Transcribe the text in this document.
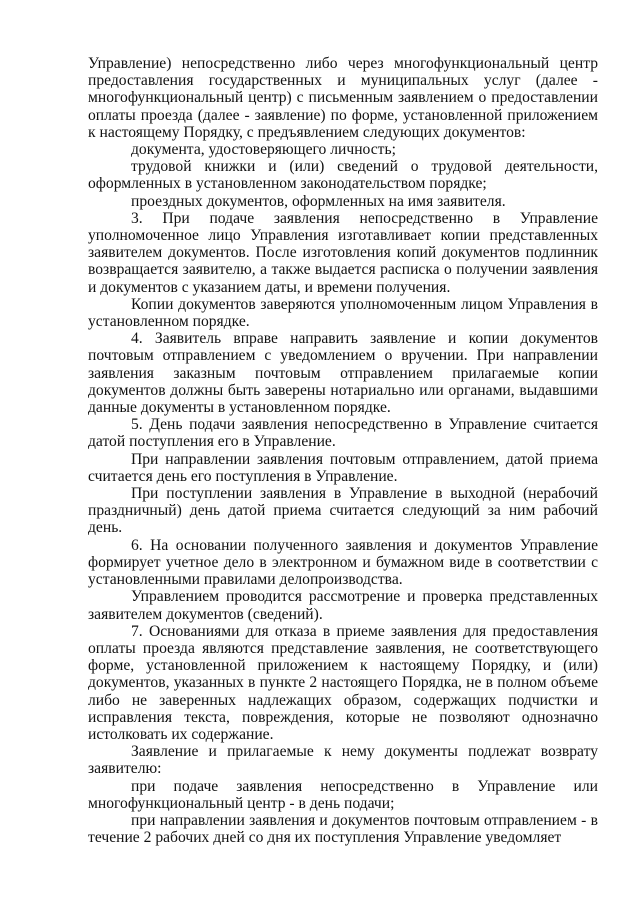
Управление) непосредственно либо через многофункциональный центр предоставления государственных и муниципальных услуг (далее - многофункциональный центр) с письменным заявлением о предоставлении оплаты проезда (далее - заявление) по форме, установленной приложением к настоящему Порядку, с предъявлением следующих документов:

документа, удостоверяющего личность;

трудовой книжки и (или) сведений о трудовой деятельности, оформленных в установленном законодательством порядке;

проездных документов, оформленных на имя заявителя.

3. При подаче заявления непосредственно в Управление уполномоченное лицо Управления изготавливает копии представленных заявителем документов. После изготовления копий документов подлинник возвращается заявителю, а также выдается расписка о получении заявления и документов с указанием даты, и времени получения.

Копии документов заверяются уполномоченным лицом Управления в установленном порядке.

4. Заявитель вправе направить заявление и копии документов почтовым отправлением с уведомлением о вручении. При направлении заявления заказным почтовым отправлением прилагаемые копии документов должны быть заверены нотариально или органами, выдавшими данные документы в установленном порядке.

5. День подачи заявления непосредственно в Управление считается датой поступления его в Управление.

При направлении заявления почтовым отправлением, датой приема считается день его поступления в Управление.

При поступлении заявления в Управление в выходной (нерабочий праздничный) день датой приема считается следующий за ним рабочий день.

6. На основании полученного заявления и документов Управление формирует учетное дело в электронном и бумажном виде в соответствии с установленными правилами делопроизводства.

Управлением проводится рассмотрение и проверка представленных заявителем документов (сведений).

7. Основаниями для отказа в приеме заявления для предоставления оплаты проезда являются представление заявления, не соответствующего форме, установленной приложением к настоящему Порядку, и (или) документов, указанных в пункте 2 настоящего Порядка, не в полном объеме либо не заверенных надлежащих образом, содержащих подчистки и исправления текста, повреждения, которые не позволяют однозначно истолковать их содержание.

Заявление и прилагаемые к нему документы подлежат возврату заявителю:

при подаче заявления непосредственно в Управление или многофункциональный центр - в день подачи;

при направлении заявления и документов почтовым отправлением - в течение 2 рабочих дней со дня их поступления Управление уведомляет
